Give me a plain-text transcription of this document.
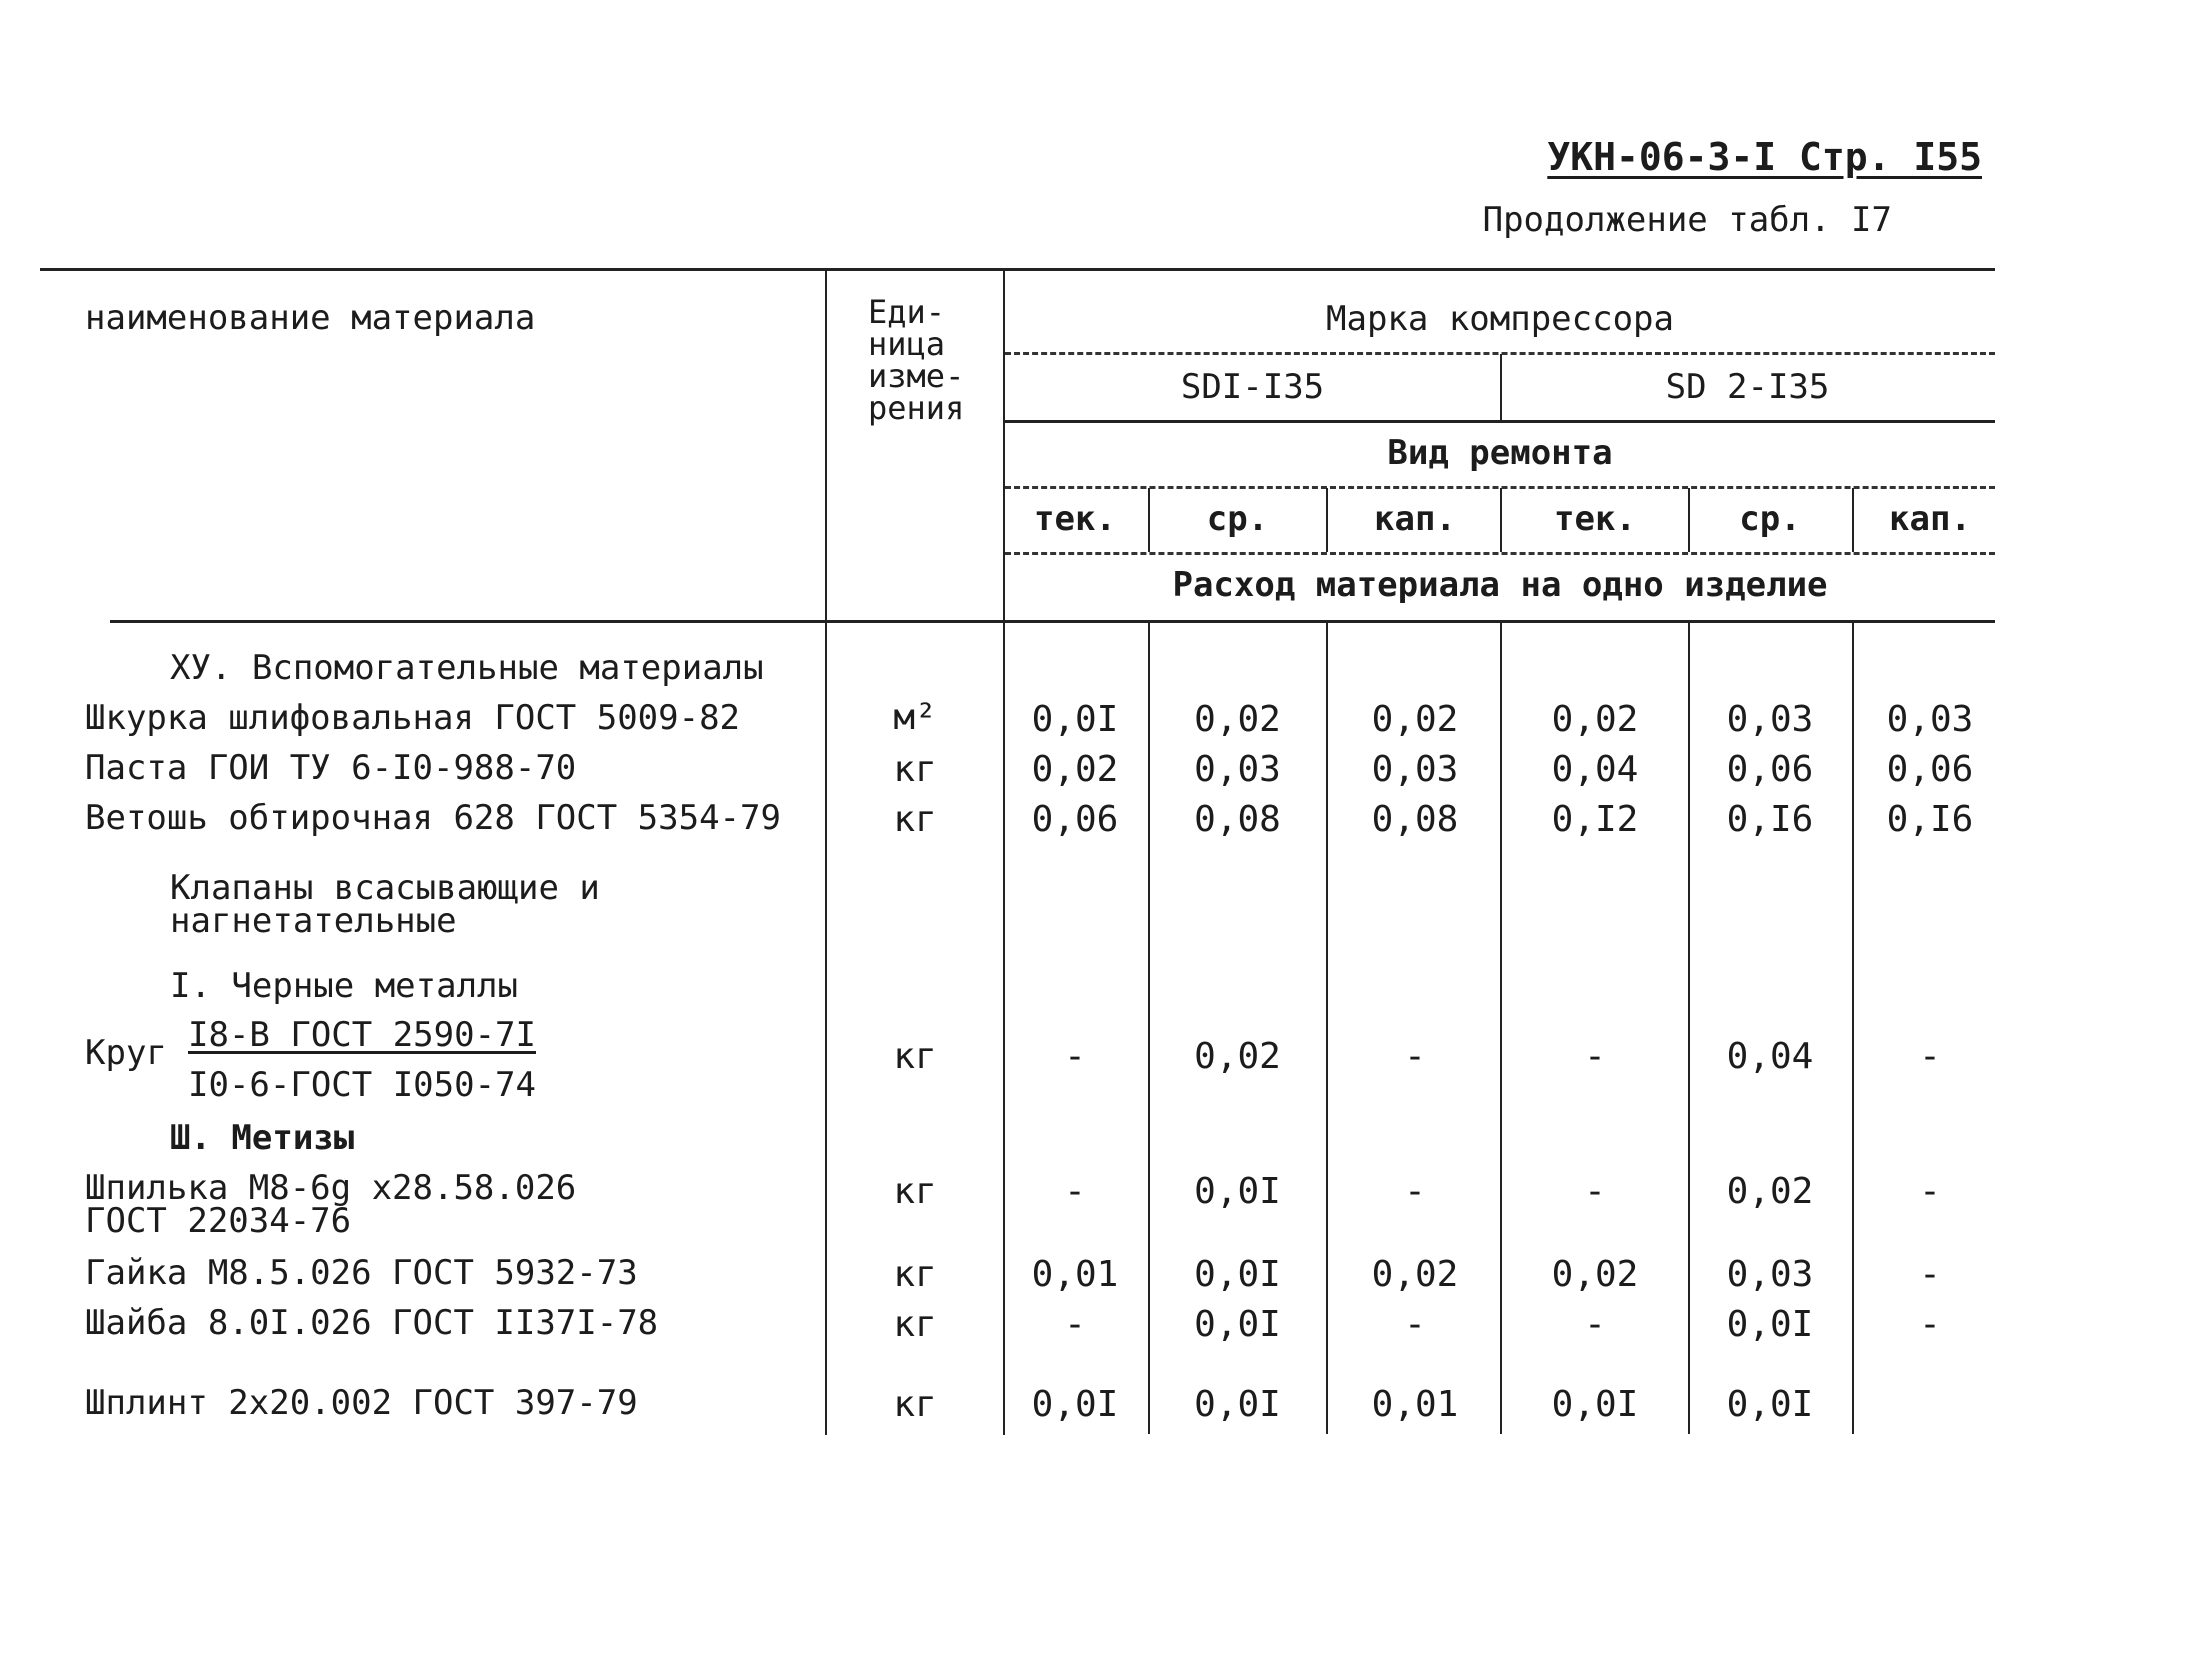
УКН-06-3-I Стр. I55
Продолжение табл. I7
наименование материала	Еди-
ница
изме-
рения
Марка компрессора
SDI-I35	SD 2-I35
Вид ремонта
тек.	ср.	кап.	тек.	ср.	кап.
Расход материала на одно изделие
ХУ. Вспомогательные материалы
Шкурка шлифовальная ГОСТ 5009-82	м²	0,0I	0,02	0,02	0,02	0,03	0,03
Паста ГОИ ТУ 6-I0-988-70	кг	0,02	0,03	0,03	0,04	0,06	0,06
Ветошь обтирочная 628 ГОСТ 5354-79	кг	0,06	0,08	0,08	0,I2	0,I6	0,I6
Клапаны всасывающие и
нагнетательные
I. Черные металлы
Круг I8-B ГОСТ 2590-7I
I0-6-ГОСТ I050-74
кг	-	0,02	-	-	0,04	-
Ш. Метизы
Шпилька М8-6g x28.58.026
ГОСТ 22034-76
кг	-	0,0I	-	-	0,02	-
Гайка М8.5.026 ГОСТ 5932-73	кг	0,01	0,0I	0,02	0,02	0,03	-
Шайба 8.0I.026 ГОСТ II37I-78	кг	-	0,0I	-	-	0,0I	-
Шплинт 2x20.002 ГОСТ 397-79	кг	0,0I	0,0I	0,01	0,0I	0,0I
